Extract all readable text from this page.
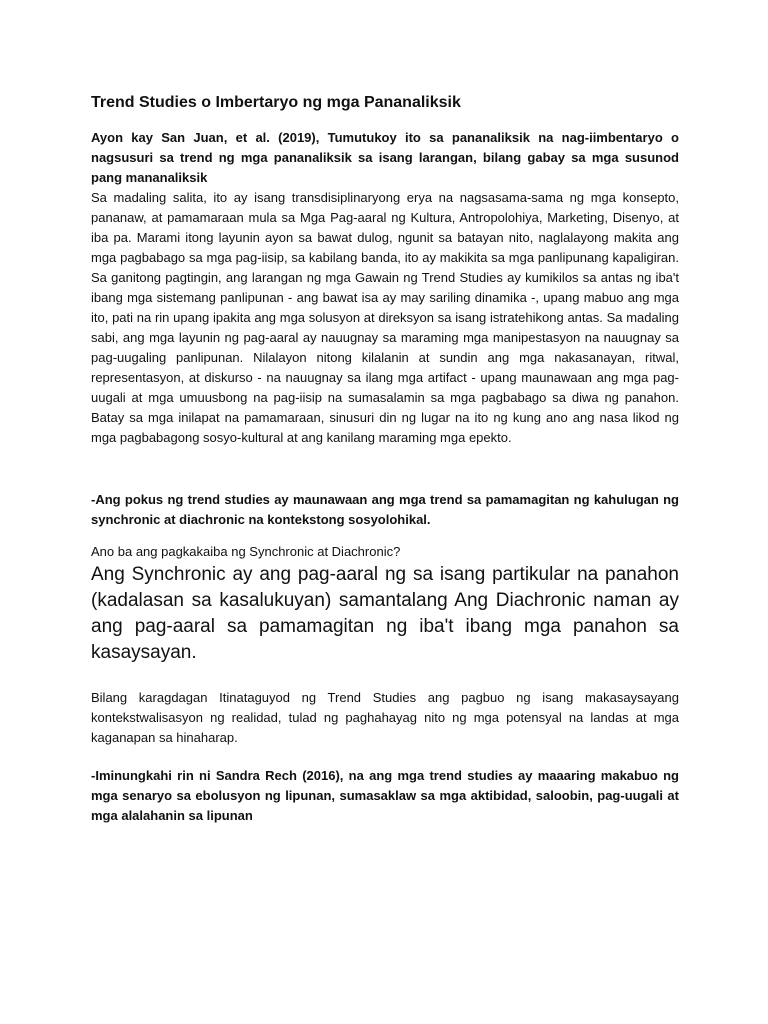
Trend Studies o Imbertaryo ng mga Pananaliksik

Ayon kay San Juan, et al. (2019), Tumutukoy ito sa pananaliksik na nag-iimbentaryo o nagsusuri sa trend ng mga pananaliksik sa isang larangan, bilang gabay sa mga susunod pang mananaliksik

Sa madaling salita, ito ay isang transdisiplinaryong erya na nagsasama-sama ng mga konsepto, pananaw, at pamamaraan mula sa Mga Pag-aaral ng Kultura, Antropolohiya, Marketing, Disenyo, at iba pa. Marami itong layunin ayon sa bawat dulog, ngunit sa batayan nito, naglalayong makita ang mga pagbabago sa mga pag-iisip, sa kabilang banda, ito ay makikita sa mga panlipunang kapaligiran. Sa ganitong pagtingin, ang larangan ng mga Gawain ng Trend Studies ay kumikilos sa antas ng iba't ibang mga sistemang panlipunan - ang bawat isa ay may sariling dinamika -, upang mabuo ang mga ito, pati na rin upang ipakita ang mga solusyon at direksyon sa isang istratehikong antas. Sa madaling sabi, ang mga layunin ng pag-aaral ay nauugnay sa maraming mga manipestasyon na nauugnay sa pag-uugaling panlipunan. Nilalayon nitong kilalanin at sundin ang mga nakasanayan, ritwal, representasyon, at diskurso - na nauugnay sa ilang mga artifact - upang maunawaan ang mga pag-uugali at mga umuusbong na pag-iisip na sumasalamin sa mga pagbabago sa diwa ng panahon. Batay sa mga inilapat na pamamaraan, sinusuri din ng lugar na ito ng kung ano ang nasa likod ng mga pagbabagong sosyo-kultural at ang kanilang maraming mga epekto.

-Ang pokus ng trend studies ay maunawaan ang mga trend sa pamamagitan ng kahulugan ng synchronic at diachronic na kontekstong sosyolohikal.

Ano ba ang pagkakaiba ng Synchronic at Diachronic?

Ang Synchronic ay ang pag-aaral ng sa isang partikular na panahon (kadalasan sa kasalukuyan) samantalang Ang Diachronic naman ay ang pag-aaral sa pamamagitan ng iba't ibang mga panahon sa kasaysayan.

Bilang karagdagan Itinataguyod ng Trend Studies ang pagbuo ng isang makasaysayang kontekstwalisasyon ng realidad, tulad ng paghahayag nito ng mga potensyal na landas at mga kaganapan sa hinaharap.

-Iminungkahi rin ni Sandra Rech (2016), na ang mga trend studies ay maaaring makabuo ng mga senaryo sa ebolusyon ng lipunan, sumasaklaw sa mga aktibidad, saloobin, pag-uugali at mga alalahanin sa lipunan
